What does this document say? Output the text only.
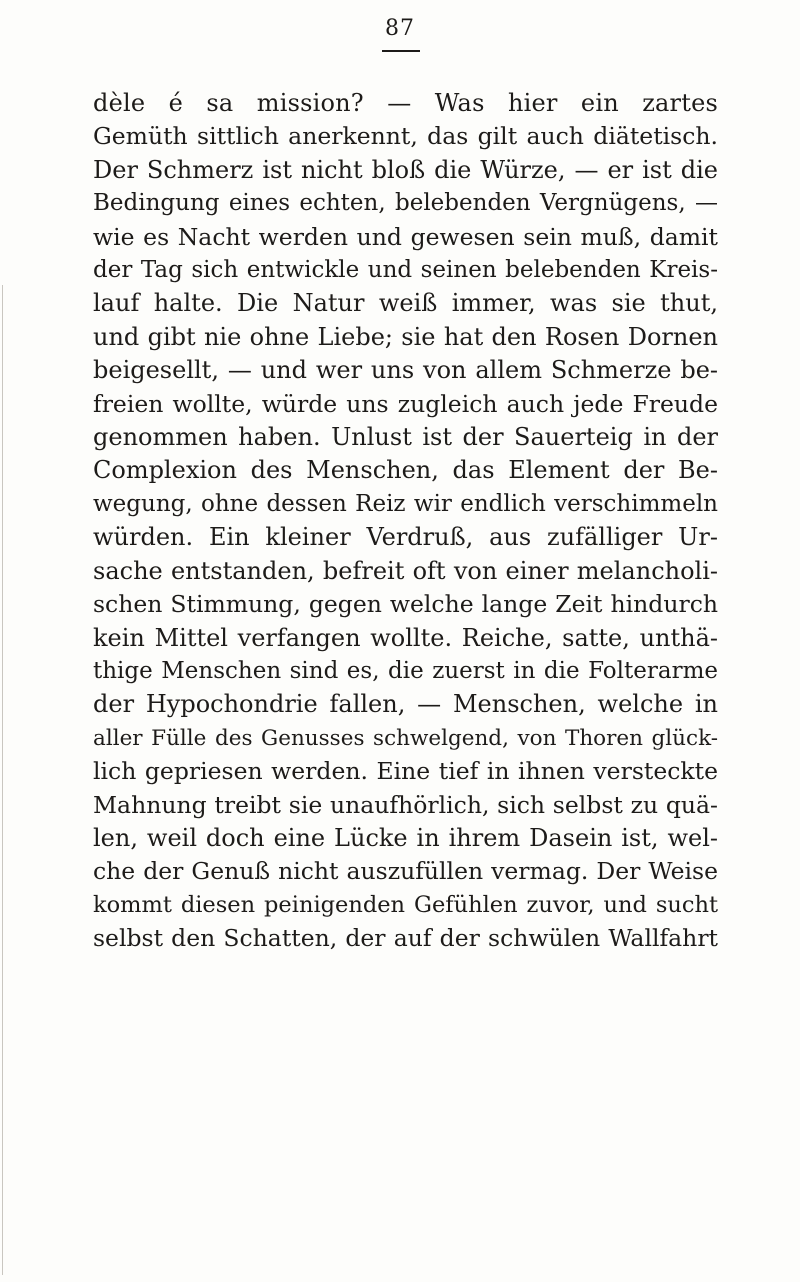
87
dèle é sa mission? — Was hier ein zartes
Gemüth sittlich anerkennt, das gilt auch diätetisch.
Der Schmerz ist nicht bloß die Würze, — er ist die
Bedingung eines echten, belebenden Vergnügens, —
wie es Nacht werden und gewesen sein muß, damit
der Tag sich entwickle und seinen belebenden Kreis-
lauf halte. Die Natur weiß immer, was sie thut,
und gibt nie ohne Liebe; sie hat den Rosen Dornen
beigesellt, — und wer uns von allem Schmerze be-
freien wollte, würde uns zugleich auch jede Freude
genommen haben. Unlust ist der Sauerteig in der
Complexion des Menschen, das Element der Be-
wegung, ohne dessen Reiz wir endlich verschimmeln
würden. Ein kleiner Verdruß, aus zufälliger Ur-
sache entstanden, befreit oft von einer melancholi-
schen Stimmung, gegen welche lange Zeit hindurch
kein Mittel verfangen wollte. Reiche, satte, unthä-
thige Menschen sind es, die zuerst in die Folterarme
der Hypochondrie fallen, — Menschen, welche in
aller Fülle des Genusses schwelgend, von Thoren glück-
lich gepriesen werden. Eine tief in ihnen versteckte
Mahnung treibt sie unaufhörlich, sich selbst zu quä-
len, weil doch eine Lücke in ihrem Dasein ist, wel-
che der Genuß nicht auszufüllen vermag. Der Weise
kommt diesen peinigenden Gefühlen zuvor, und sucht
selbst den Schatten, der auf der schwülen Wallfahrt
